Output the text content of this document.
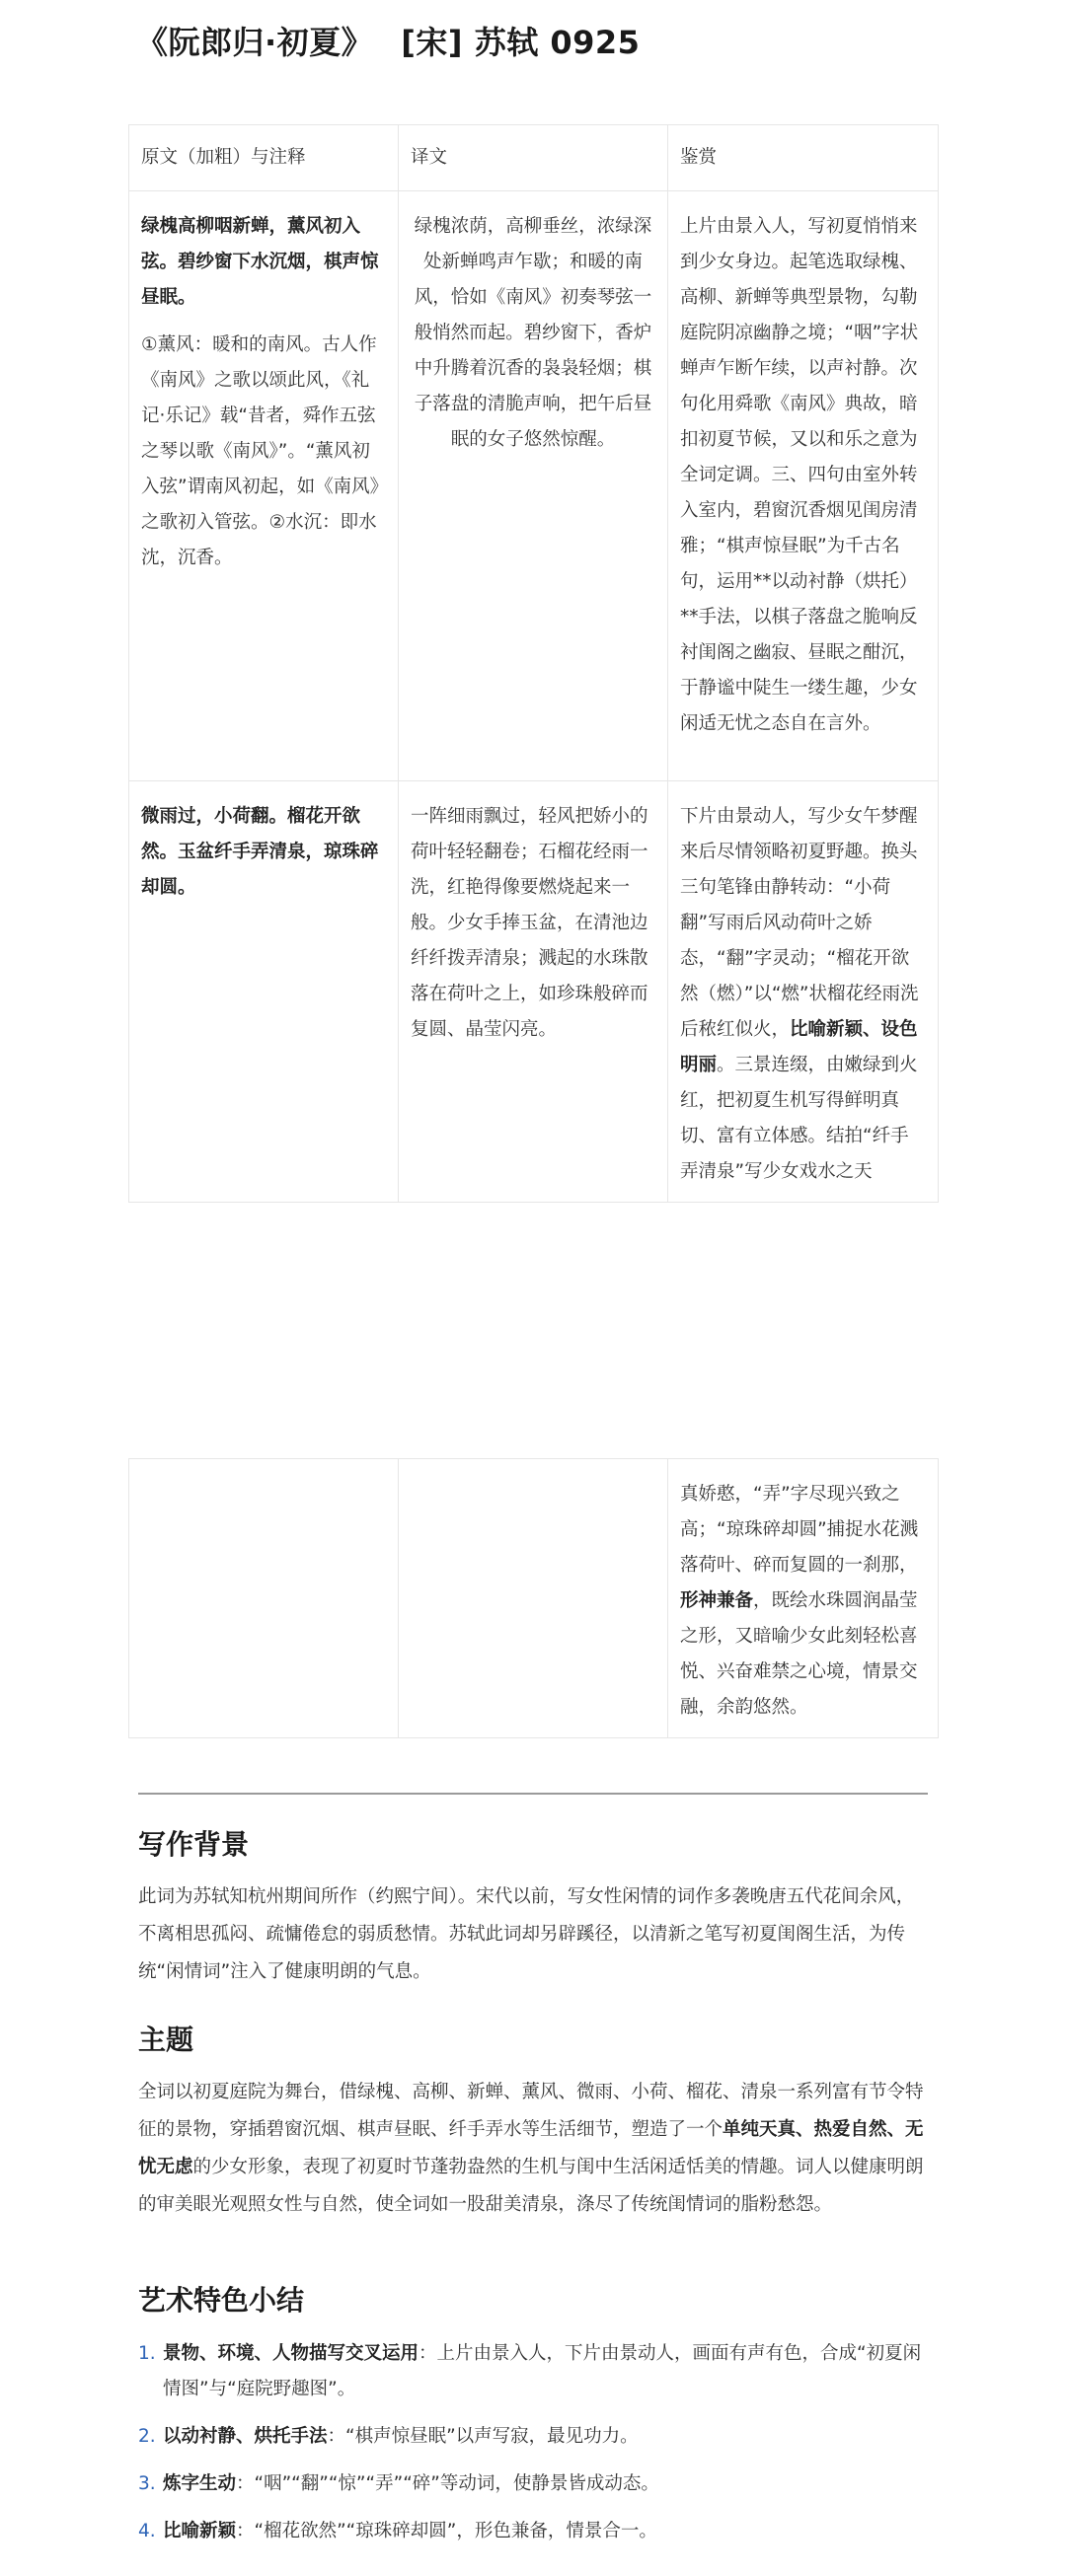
《阮郎归·初夏》　 [宋] 苏轼 0925
原文（加粗）与注释	译文	鉴赏

绿槐高柳咽新蝉，薰风初入弦。碧纱窗下水沉烟，棋声惊昼眠。
①薰风：暖和的南风。古人作《南风》之歌以颂此风，《礼记·乐记》载“昔者，舜作五弦之琴以歌《南风》”。“薰风初入弦”谓南风初起，如《南风》之歌初入管弦。②水沉：即水沈，沉香。	绿槐浓荫，高柳垂丝，浓绿深处新蝉鸣声乍歇；和暖的南风，恰如《南风》初奏琴弦一般悄然而起。碧纱窗下，香炉中升腾着沉香的袅袅轻烟；棋子落盘的清脆声响，把午后昼眠的女子悠然惊醒。	上片由景入人，写初夏悄悄来到少女身边。起笔选取绿槐、高柳、新蝉等典型景物，勾勒庭院阴凉幽静之境；“咽”字状蝉声乍断乍续，以声衬静。次句化用舜歌《南风》典故，暗扣初夏节候，又以和乐之意为全词定调。三、四句由室外转入室内，碧窗沉香烟见闺房清雅；“棋声惊昼眠”为千古名句，运用**以动衬静（烘托）**手法，以棋子落盘之脆响反衬闺阁之幽寂、昼眠之酣沉，于静谧中陡生一缕生趣，少女闲适无忧之态自在言外。

微雨过，小荷翻。榴花开欲然。玉盆纤手弄清泉，琼珠碎却圆。	一阵细雨飘过，轻风把娇小的荷叶轻轻翻卷；石榴花经雨一洗，红艳得像要燃烧起来一般。少女手捧玉盆，在清池边纤纤拨弄清泉；溅起的水珠散落在荷叶之上，如珍珠般碎而复圆、晶莹闪亮。	下片由景动人，写少女午梦醒来后尽情领略初夏野趣。换头三句笔锋由静转动：“小荷翻”写雨后风动荷叶之娇态，“翻”字灵动；“榴花开欲然（燃）”以“燃”状榴花经雨洗后秾红似火，比喻新颖、设色明丽。三景连缀，由嫩绿到火红，把初夏生机写得鲜明真切、富有立体感。结拍“纤手弄清泉”写少女戏水之天
		真娇憨，“弄”字尽现兴致之高；“琼珠碎却圆”捕捉水花溅落荷叶、碎而复圆的一刹那，形神兼备，既绘水珠圆润晶莹之形，又暗喻少女此刻轻松喜悦、兴奋难禁之心境，情景交融，余韵悠然。
写作背景

此词为苏轼知杭州期间所作（约熙宁间）。宋代以前，写女性闲情的词作多袭晚唐五代花间余风，不离相思孤闷、疏慵倦怠的弱质愁情。苏轼此词却另辟蹊径，以清新之笔写初夏闺阁生活，为传统“闲情词”注入了健康明朗的气息。

主题

全词以初夏庭院为舞台，借绿槐、高柳、新蝉、薰风、微雨、小荷、榴花、清泉一系列富有节令特征的景物，穿插碧窗沉烟、棋声昼眠、纤手弄水等生活细节，塑造了一个单纯天真、热爱自然、无忧无虑的少女形象，表现了初夏时节蓬勃盎然的生机与闺中生活闲适恬美的情趣。词人以健康明朗的审美眼光观照女性与自然，使全词如一股甜美清泉，涤尽了传统闺情词的脂粉愁怨。

艺术特色小结
1. 景物、环境、人物描写交叉运用：上片由景入人，下片由景动人，画面有声有色，合成“初夏闲情图”与“庭院野趣图”。
2. 以动衬静、烘托手法：“棋声惊昼眠”以声写寂，最见功力。
3. 炼字生动：“咽”“翻”“惊”“弄”“碎”等动词，使静景皆成动态。
4. 比喻新颖：“榴花欲然”“琼珠碎却圆”，形色兼备，情景合一。
